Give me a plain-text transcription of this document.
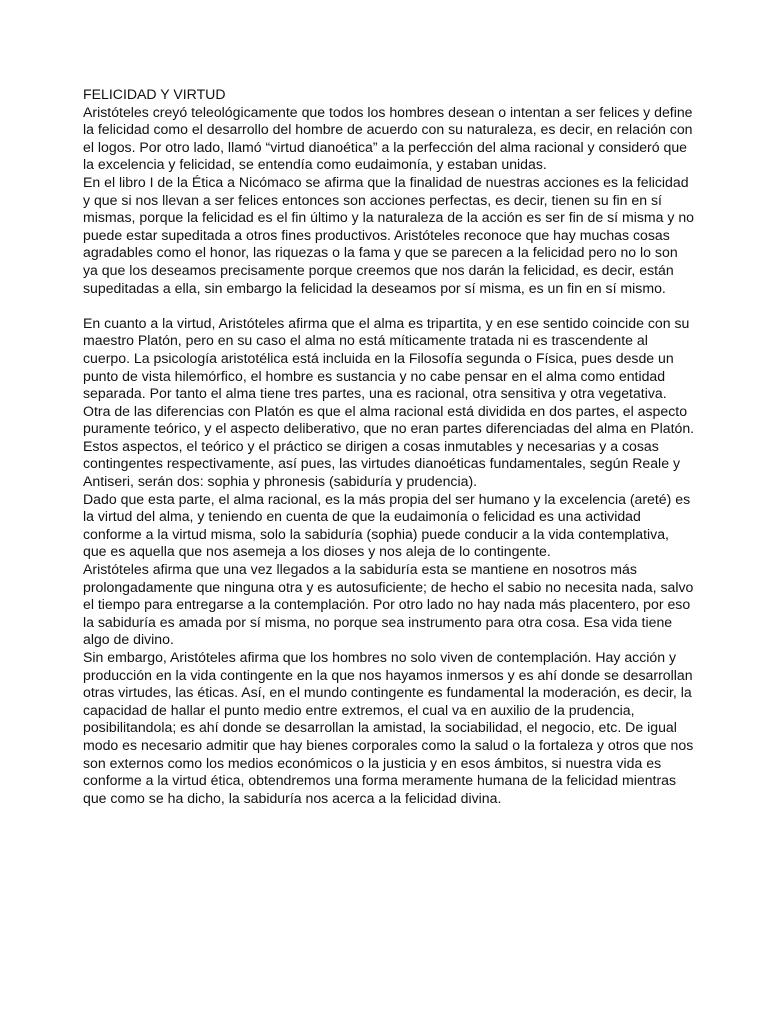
FELICIDAD Y VIRTUD

Aristóteles creyó teleológicamente que todos los hombres desean o intentan a ser felices y define la felicidad como el desarrollo del hombre de acuerdo con su naturaleza, es decir, en relación con el logos. Por otro lado, llamó “virtud dianoética” a la perfección del alma racional y consideró que la excelencia y felicidad, se entendía como eudaimonía, y estaban unidas.

En el libro I de la Ética a Nicómaco se afirma que la finalidad de nuestras acciones es la felicidad y que si nos llevan a ser felices entonces son acciones perfectas, es decir, tienen su fin en sí mismas, porque la felicidad es el fin último y la naturaleza de la acción es ser fin de sí misma y no puede estar supeditada a otros fines productivos. Aristóteles reconoce que hay muchas cosas agradables como el honor, las riquezas o la fama y que se parecen a la felicidad pero no lo son ya que los deseamos precisamente porque creemos que nos darán la felicidad, es decir, están supeditadas a ella, sin embargo la felicidad la deseamos por sí misma, es un fin en sí mismo.

En cuanto a la virtud, Aristóteles afirma que el alma es tripartita, y en ese sentido coincide con su maestro Platón, pero en su caso el alma no está míticamente tratada ni es trascendente al cuerpo. La psicología aristotélica está incluida en la Filosofía segunda o Física, pues desde un punto de vista hilemórfico, el hombre es sustancia y no cabe pensar en el alma como entidad separada. Por tanto el alma tiene tres partes, una es racional, otra sensitiva y otra vegetativa.

Otra de las diferencias con Platón es que el alma racional está dividida en dos partes, el aspecto puramente teórico, y el aspecto deliberativo, que no eran partes diferenciadas del alma en Platón.

Estos aspectos, el teórico y el práctico se dirigen a cosas inmutables y necesarias y a cosas contingentes respectivamente, así pues, las virtudes dianoéticas fundamentales, según Reale y Antiseri, serán dos: sophia y phronesis (sabiduría y prudencia).

Dado que esta parte, el alma racional, es la más propia del ser humano y la excelencia (areté) es la virtud del alma, y teniendo en cuenta de que la eudaimonía o felicidad es una actividad conforme a la virtud misma, solo la sabiduría (sophia) puede conducir a la vida contemplativa, que es aquella que nos asemeja a los dioses y nos aleja de lo contingente.

Aristóteles afirma que una vez llegados a la sabiduría esta se mantiene en nosotros más prolongadamente que ninguna otra y es autosuficiente; de hecho el sabio no necesita nada, salvo el tiempo para entregarse a la contemplación. Por otro lado no hay nada más placentero, por eso la sabiduría es amada por sí misma, no porque sea instrumento para otra cosa. Esa vida tiene algo de divino.

Sin embargo, Aristóteles afirma que los hombres no solo viven de contemplación. Hay acción y producción en la vida contingente en la que nos hayamos inmersos y es ahí donde se desarrollan otras virtudes, las éticas. Así, en el mundo contingente es fundamental la moderación, es decir, la capacidad de hallar el punto medio entre extremos, el cual va en auxilio de la prudencia, posibilitandola; es ahí donde se desarrollan la amistad, la sociabilidad, el negocio, etc. De igual modo es necesario admitir que hay bienes corporales como la salud o la fortaleza y otros que nos son externos como los medios económicos o la justicia y en esos ámbitos, si nuestra vida es conforme a la virtud ética, obtendremos una forma meramente humana de la felicidad mientras que como se ha dicho, la sabiduría nos acerca a la felicidad divina.
